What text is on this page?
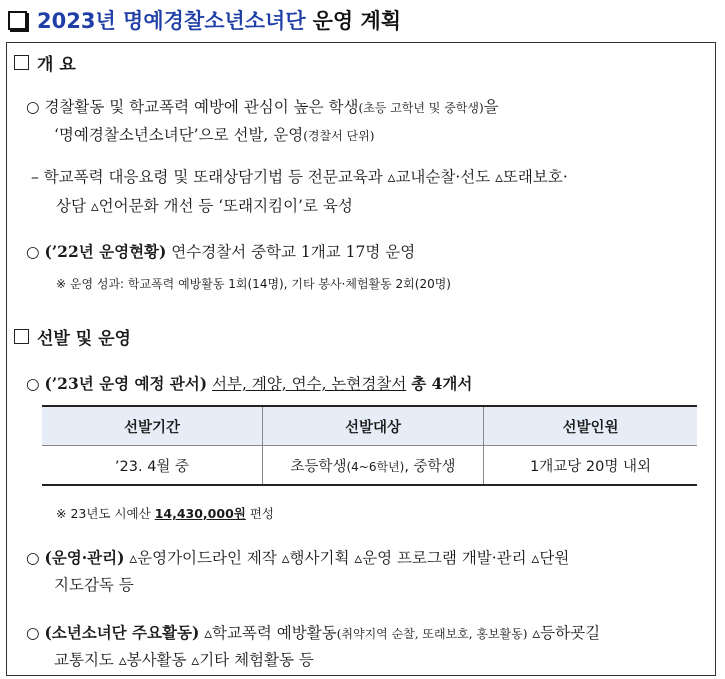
2023년 명예경찰소년소녀단 운영 계획
개 요
○ 경찰활동 및 학교폭력 예방에 관심이 높은 학생(초등 고학년 및 중학생)을
‘명예경찰소년소녀단’으로 선발, 운영(경찰서 단위)
– 학교폭력 대응요령 및 또래상담기법 등 전문교육과 ▵교내순찰·선도 ▵또래보호·
상담 ▵언어문화 개선 등 ‘또래지킴이’로 육성
○ (’22년 운영현황) 연수경찰서 중학교 1개교 17명 운영
※ 운영 성과: 학교폭력 예방활동 1회(14명), 기타 봉사·체험활동 2회(20명)
선발 및 운영
○ (’23년 운영 예정 관서) 서부, 계양, 연수, 논현경찰서 총 4개서
선발기간	선발대상	선발인원
’23. 4월 중	초등학생(4~6학년), 중학생	1개교당 20명 내외
※ 23년도 시예산 14,430,000원 편성
○ (운영·관리) ▵운영가이드라인 제작 ▵행사기획 ▵운영 프로그램 개발·관리 ▵단원
지도감독 등
○ (소년소녀단 주요활동) ▵학교폭력 예방활동(취약지역 순찰, 또래보호, 홍보활동) ▵등하굣길
교통지도 ▵봉사활동 ▵기타 체험활동 등
